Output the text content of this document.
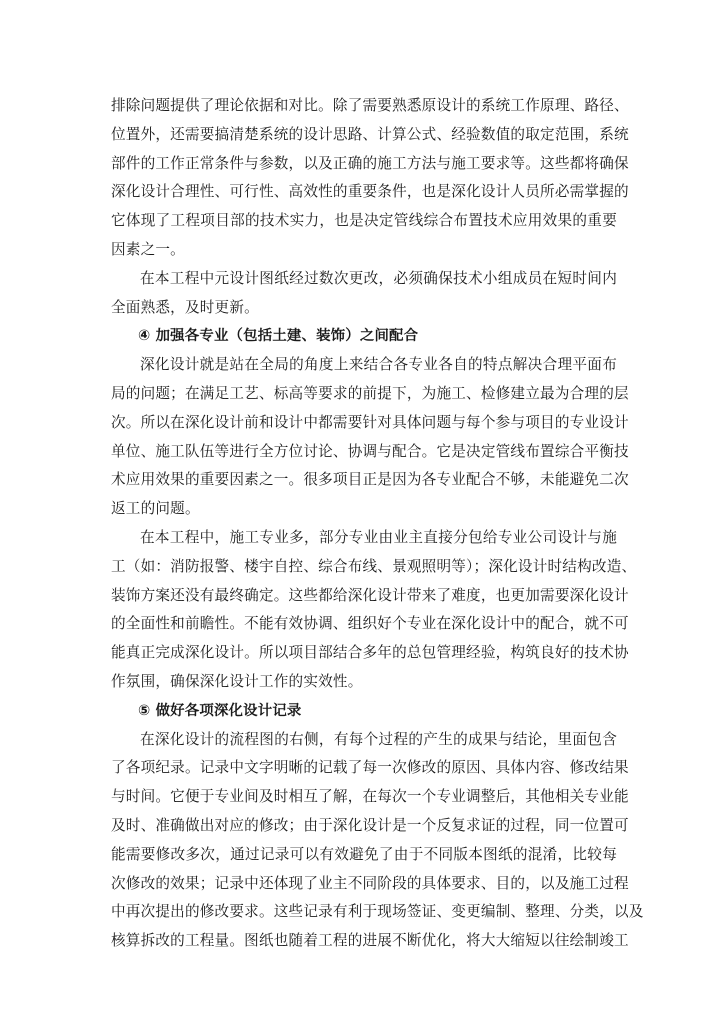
排除问题提供了理论依据和对比。除了需要熟悉原设计的系统工作原理、路径、
位置外，还需要搞清楚系统的设计思路、计算公式、经验数值的取定范围，系统
部件的工作正常条件与参数，以及正确的施工方法与施工要求等。这些都将确保
深化设计合理性、可行性、高效性的重要条件，也是深化设计人员所必需掌握的
它体现了工程项目部的技术实力，也是决定管线综合布置技术应用效果的重要
因素之一。
在本工程中元设计图纸经过数次更改，必须确保技术小组成员在短时间内
全面熟悉，及时更新。
④ 加强各专业（包括土建、装饰）之间配合
深化设计就是站在全局的角度上来结合各专业各自的特点解决合理平面布
局的问题；在满足工艺、标高等要求的前提下，为施工、检修建立最为合理的层
次。所以在深化设计前和设计中都需要针对具体问题与每个参与项目的专业设计
单位、施工队伍等进行全方位讨论、协调与配合。它是决定管线布置综合平衡技
术应用效果的重要因素之一。很多项目正是因为各专业配合不够，未能避免二次
返工的问题。
在本工程中，施工专业多，部分专业由业主直接分包给专业公司设计与施
工（如：消防报警、楼宇自控、综合布线、景观照明等）；深化设计时结构改造、
装饰方案还没有最终确定。这些都给深化设计带来了难度，也更加需要深化设计
的全面性和前瞻性。不能有效协调、组织好个专业在深化设计中的配合，就不可
能真正完成深化设计。所以项目部结合多年的总包管理经验，构筑良好的技术协
作氛围，确保深化设计工作的实效性。
⑤ 做好各项深化设计记录
在深化设计的流程图的右侧，有每个过程的产生的成果与结论，里面包含
了各项纪录。记录中文字明晰的记载了每一次修改的原因、具体内容、修改结果
与时间。它便于专业间及时相互了解，在每次一个专业调整后，其他相关专业能
及时、准确做出对应的修改；由于深化设计是一个反复求证的过程，同一位置可
能需要修改多次，通过记录可以有效避免了由于不同版本图纸的混淆，比较每
次修改的效果；记录中还体现了业主不同阶段的具体要求、目的，以及施工过程
中再次提出的修改要求。这些记录有利于现场签证、变更编制、整理、分类，以及
核算拆改的工程量。图纸也随着工程的进展不断优化，将大大缩短以往绘制竣工
